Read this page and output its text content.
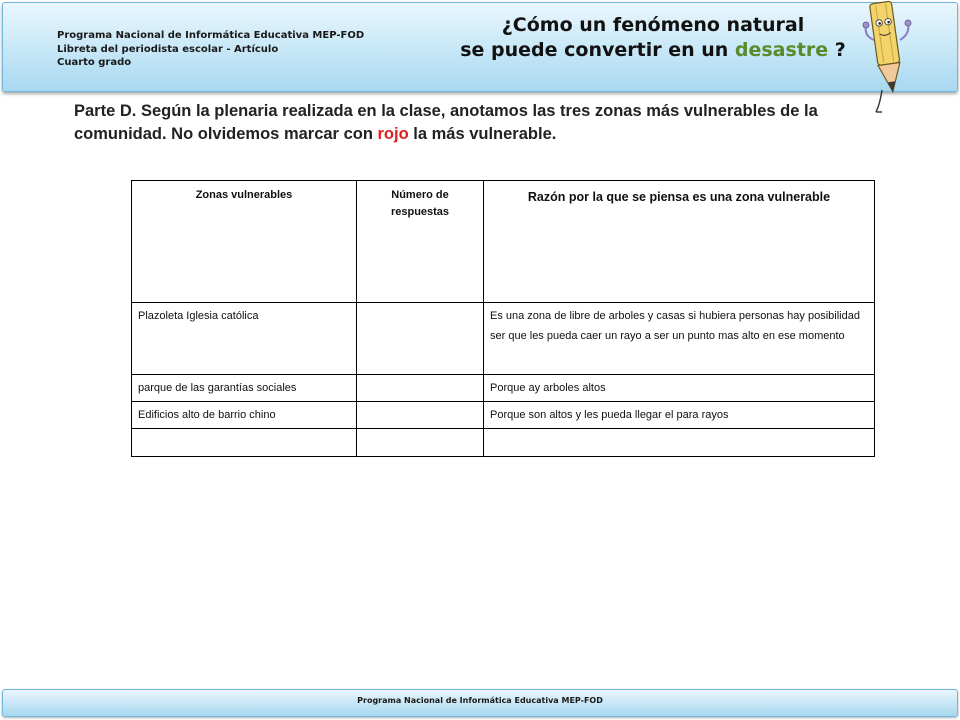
Programa Nacional de Informática Educativa MEP-FOD
Libreta del periodista escolar - Artículo
Cuarto grado
¿Cómo un fenómeno natural
se puede convertir en un desastre ?
Parte D. Según la plenaria realizada en la clase, anotamos las tres zonas más vulnerables de la comunidad. No olvidemos marcar con rojo la más vulnerable.
Zonas vulnerables	Número de respuestas	Razón por la que se piensa es una zona vulnerable
Plazoleta Iglesia católica		Es una zona de libre de arboles y casas si hubiera personas hay posibilidad ser que les pueda caer un rayo a ser un punto mas alto en ese momento
parque de las garantías sociales		Porque ay arboles altos
Edificios alto de barrio chino		Porque son altos y les pueda llegar el para rayos

Programa Nacional de Informática Educativa MEP-FOD
